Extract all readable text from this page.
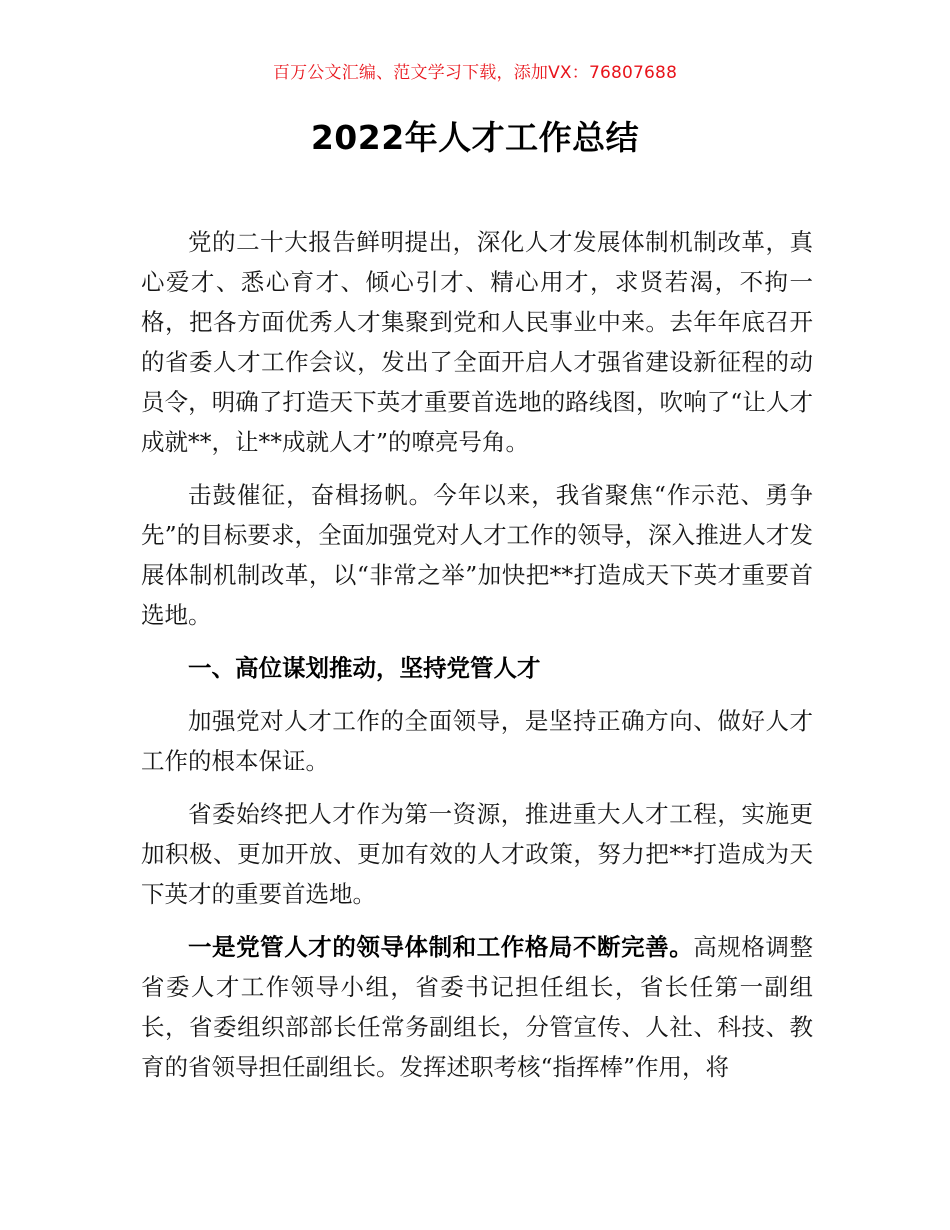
百万公文汇编、范文学习下载，添加VX：76807688
2022年人才工作总结

党的二十大报告鲜明提出，深化人才发展体制机制改革，真心爱才、悉心育才、倾心引才、精心用才，求贤若渴，不拘一格，把各方面优秀人才集聚到党和人民事业中来。去年年底召开的省委人才工作会议，发出了全面开启人才强省建设新征程的动员令，明确了打造天下英才重要首选地的路线图，吹响了“让人才成就**，让**成就人才”的嘹亮号角。

击鼓催征，奋楫扬帆。今年以来，我省聚焦“作示范、勇争先”的目标要求，全面加强党对人才工作的领导，深入推进人才发展体制机制改革，以“非常之举”加快把**打造成天下英才重要首选地。

一、高位谋划推动，坚持党管人才

加强党对人才工作的全面领导，是坚持正确方向、做好人才工作的根本保证。

省委始终把人才作为第一资源，推进重大人才工程，实施更加积极、更加开放、更加有效的人才政策，努力把**打造成为天下英才的重要首选地。

一是党管人才的领导体制和工作格局不断完善。高规格调整省委人才工作领导小组，省委书记担任组长，省长任第一副组长，省委组织部部长任常务副组长，分管宣传、人社、科技、教育的省领导担任副组长。发挥述职考核“指挥棒”作用，将
